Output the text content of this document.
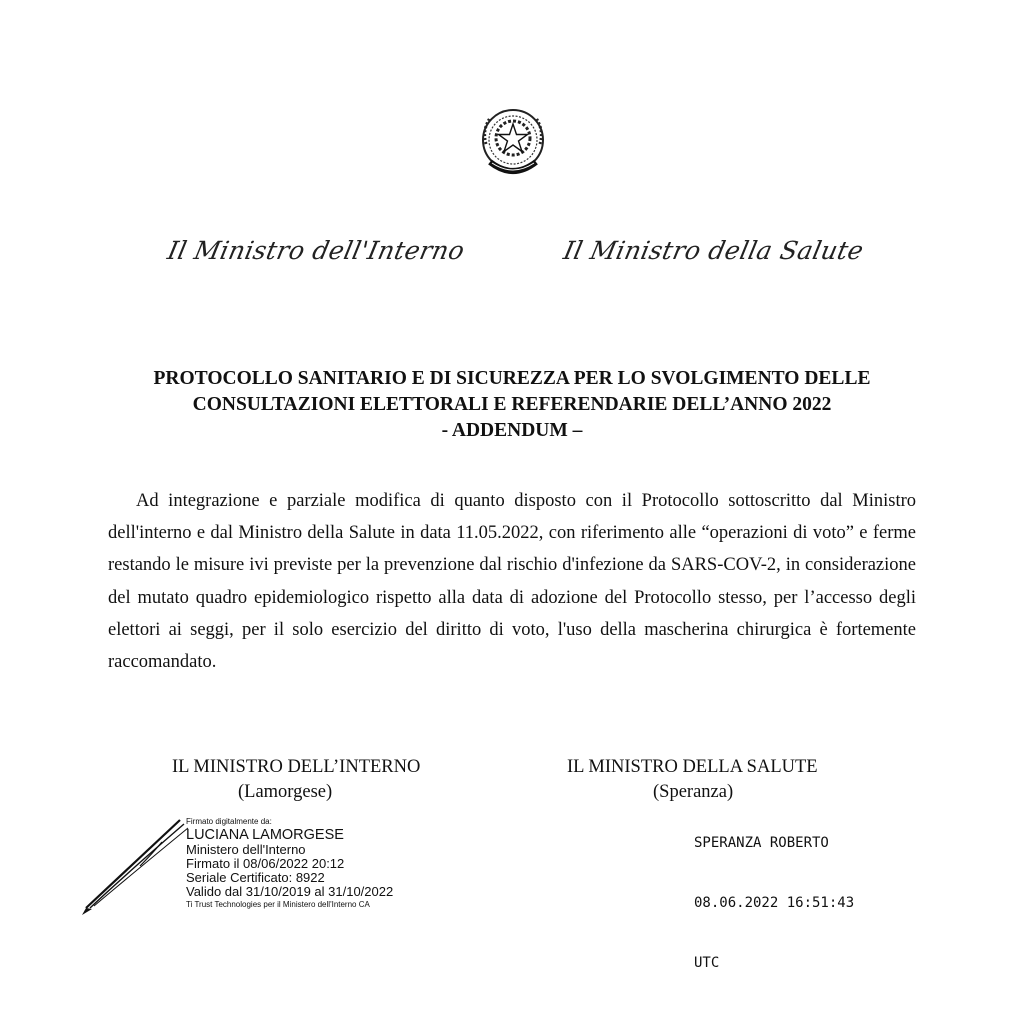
Il Ministro dell'Interno	Il Ministro della Salute
PROTOCOLLO SANITARIO E DI SICUREZZA PER LO SVOLGIMENTO DELLE
CONSULTAZIONI ELETTORALI E REFERENDARIE DELL’ANNO 2022
- ADDENDUM –
Ad integrazione e parziale modifica di quanto disposto con il Protocollo sottoscritto dal Ministro dell'interno e dal Ministro della Salute in data 11.05.2022, con riferimento alle “operazioni di voto” e ferme restando le misure ivi previste per la prevenzione dal rischio d'infezione da SARS-COV-2, in considerazione del mutato quadro epidemiologico rispetto alla data di adozione del Protocollo stesso, per l’accesso degli elettori ai seggi, per il solo esercizio del diritto di voto, l'uso della mascherina chirurgica è fortemente raccomandato.
IL MINISTRO DELL’INTERNO
(Lamorgese)
IL MINISTRO DELLA SALUTE
(Speranza)
Firmato digitalmente da:
LUCIANA LAMORGESE
Ministero dell'Interno
Firmato il 08/06/2022 20:12
Seriale Certificato: 8922
Valido dal 31/10/2019 al 31/10/2022
Ti Trust Technologies per il Ministero dell'Interno CA

SPERANZA ROBERTO

08.06.2022 16:51:43

UTC
